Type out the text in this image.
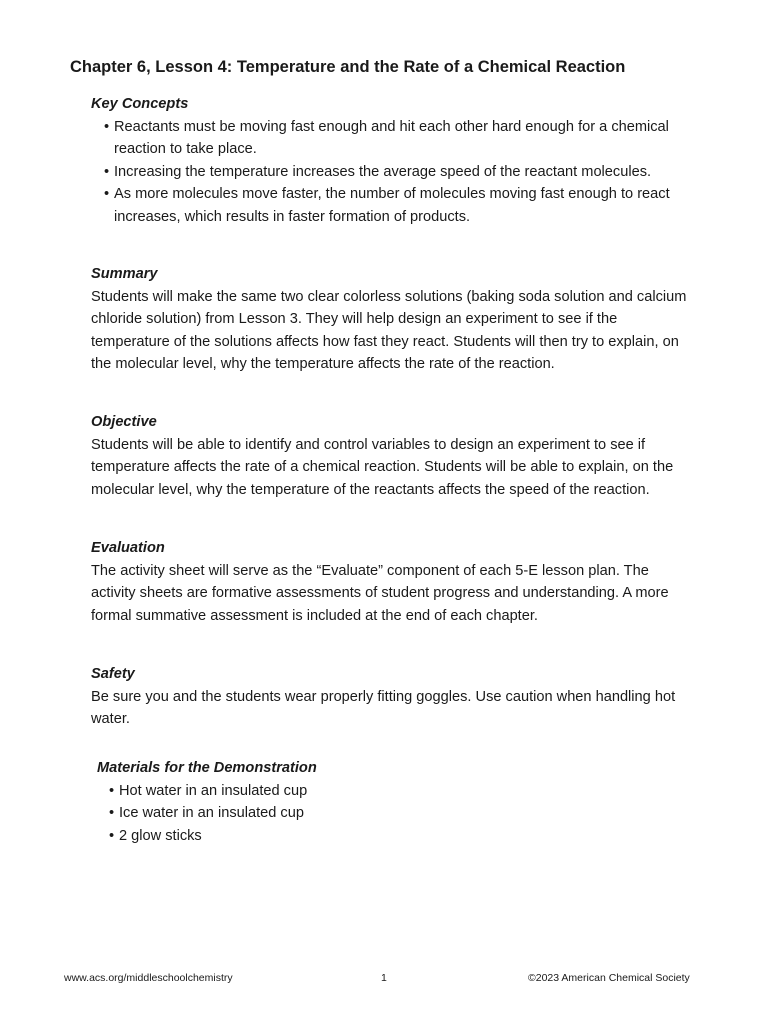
Chapter 6, Lesson 4: Temperature and the Rate of a Chemical Reaction
Key Concepts
• Reactants must be moving fast enough and hit each other hard enough for a chemical reaction to take place.
• Increasing the temperature increases the average speed of the reactant molecules.
• As more molecules move faster, the number of molecules moving fast enough to react increases, which results in faster formation of products.
Summary

Students will make the same two clear colorless solutions (baking soda solution and calcium chloride solution) from Lesson 3. They will help design an experiment to see if the temperature of the solutions affects how fast they react. Students will then try to explain, on the molecular level, why the temperature affects the rate of the reaction.

Objective

Students will be able to identify and control variables to design an experiment to see if temperature affects the rate of a chemical reaction. Students will be able to explain, on the molecular level, why the temperature of the reactants affects the speed of the reaction.

Evaluation

The activity sheet will serve as the “Evaluate” component of each 5-E lesson plan. The activity sheets are formative assessments of student progress and understanding. A more formal summative assessment is included at the end of each chapter.

Safety

Be sure you and the students wear properly fitting goggles. Use caution when handling hot water.

Materials for the Demonstration
• Hot water in an insulated cup
• Ice water in an insulated cup
• 2 glow sticks
www.acs.org/middleschoolchemistry	1	©2023 American Chemical Society
